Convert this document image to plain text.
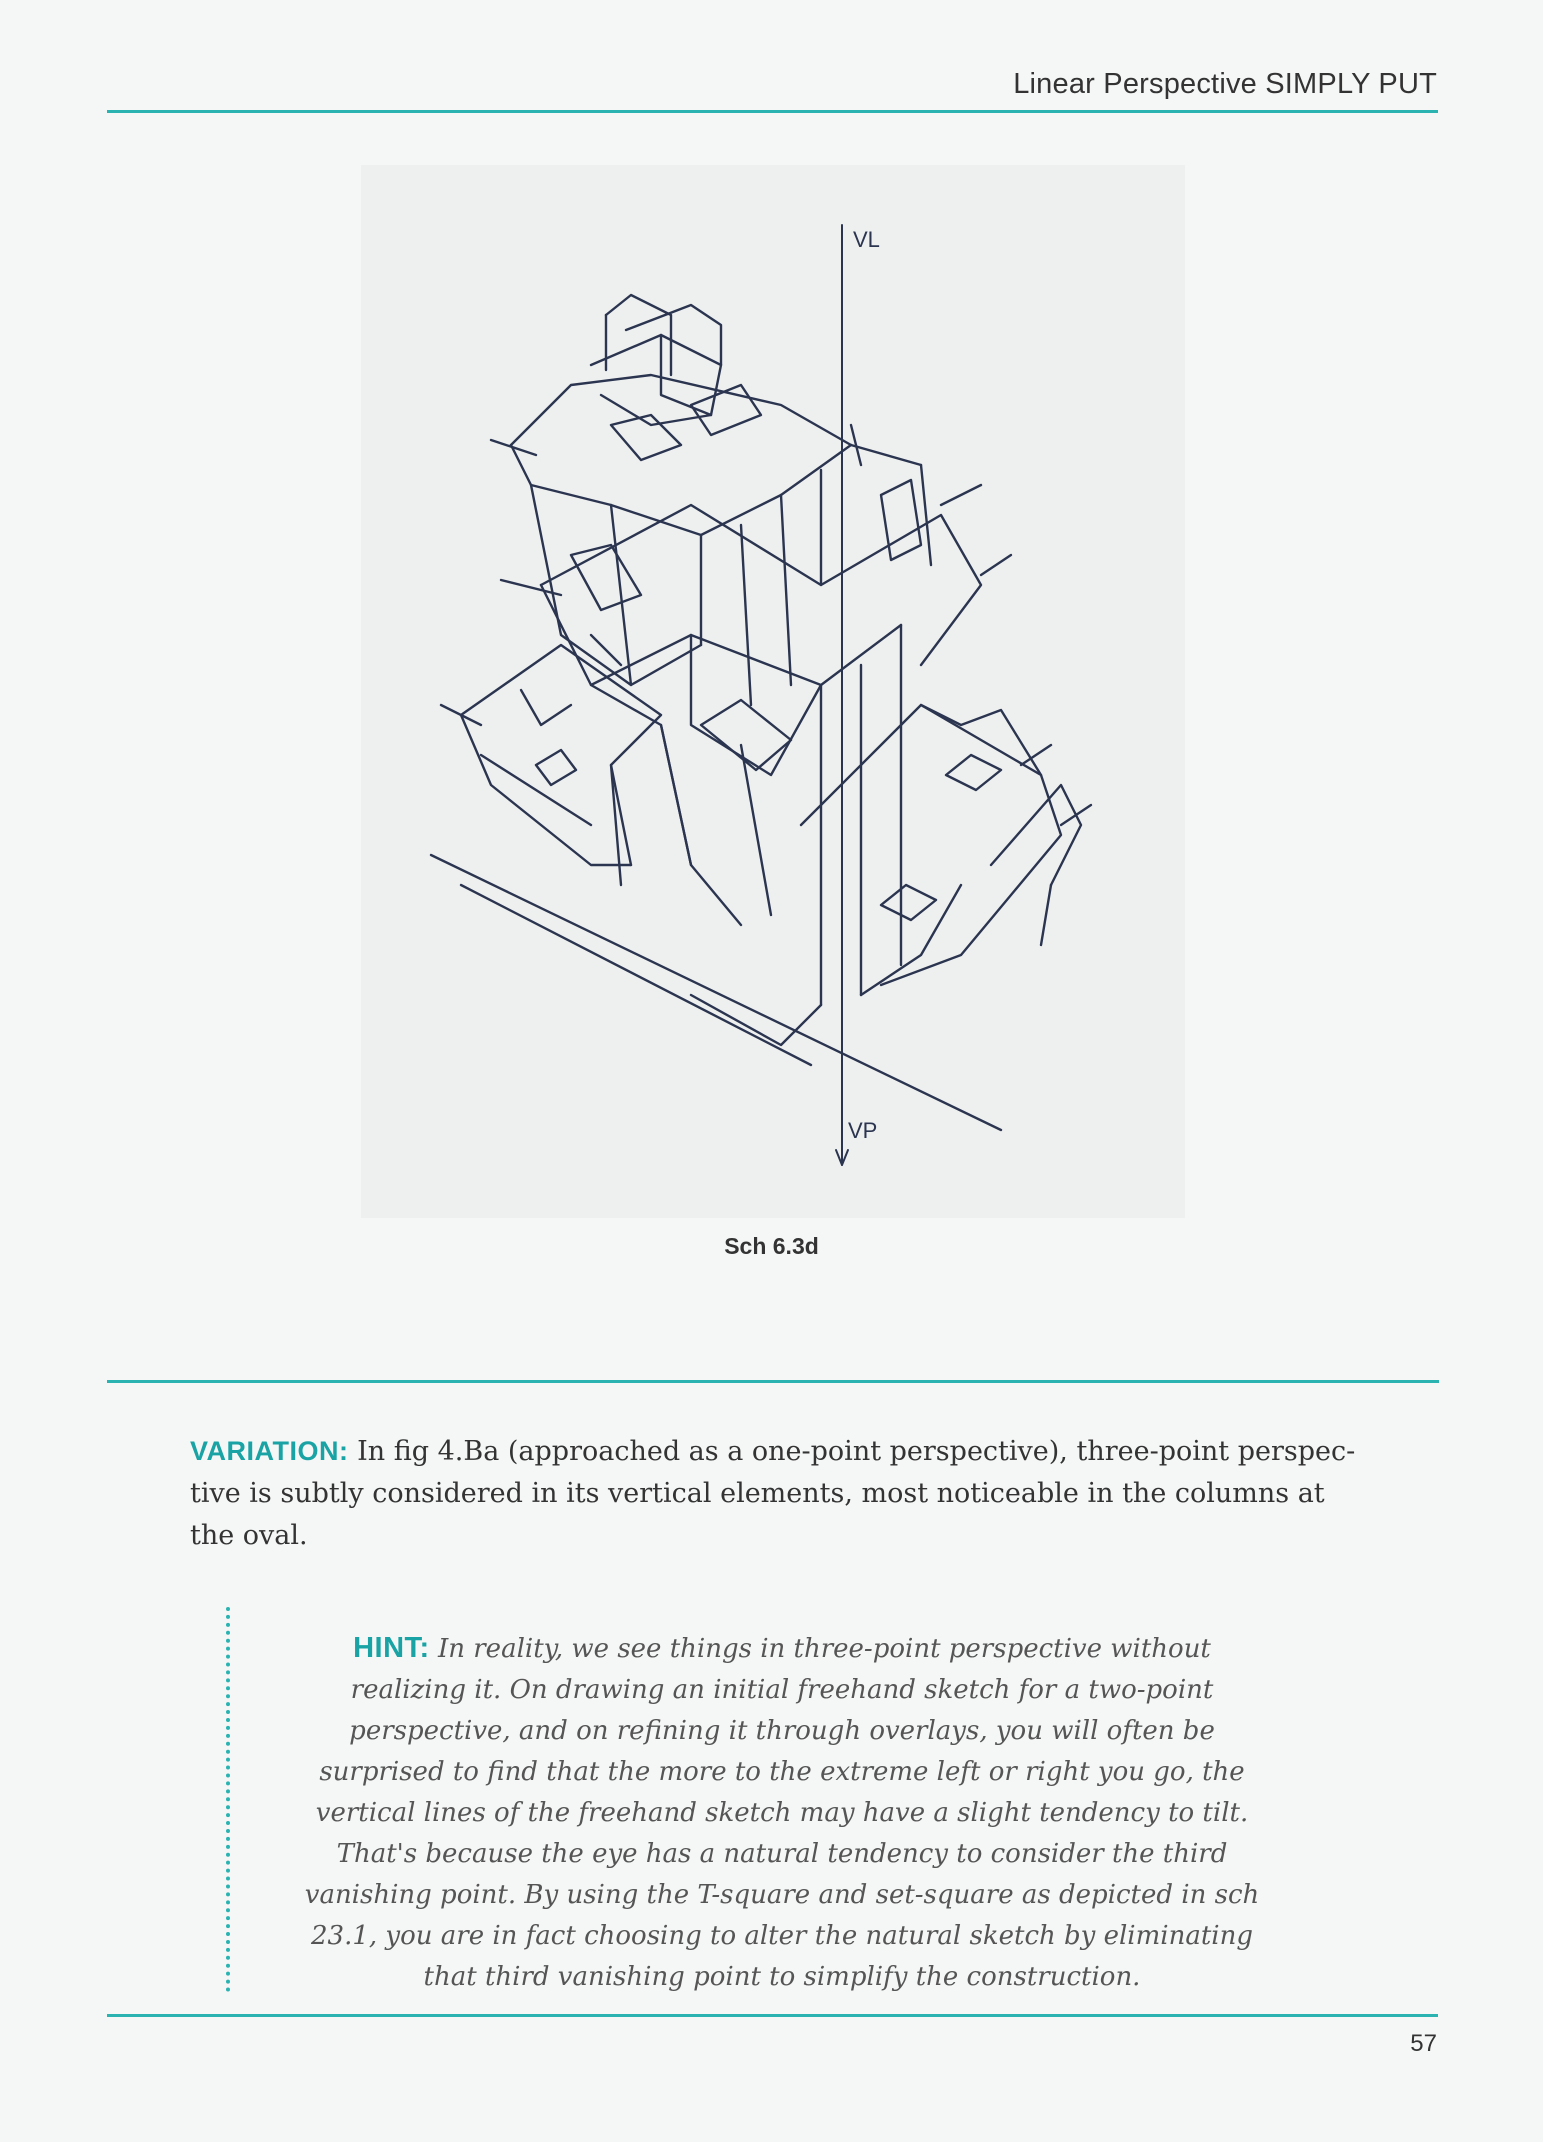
Linear Perspective SIMPLY PUT
VL
VP
Sch 6.3d
VARIATION: In fig 4.Ba (approached as a one-point perspective), three-point perspec-tive is subtly considered in its vertical elements, most noticeable in the columns at the oval.
HINT: In reality, we see things in three-point perspective without realizing it. On drawing an initial freehand sketch for a two-point perspective, and on refining it through overlays, you will often be surprised to find that the more to the extreme left or right you go, the vertical lines of the freehand sketch may have a slight tendency to tilt. That's because the eye has a natural tendency to consider the third vanishing point. By using the T-square and set-square as depicted in sch 23.1, you are in fact choosing to alter the natural sketch by eliminating that third vanishing point to simplify the construction.
57
